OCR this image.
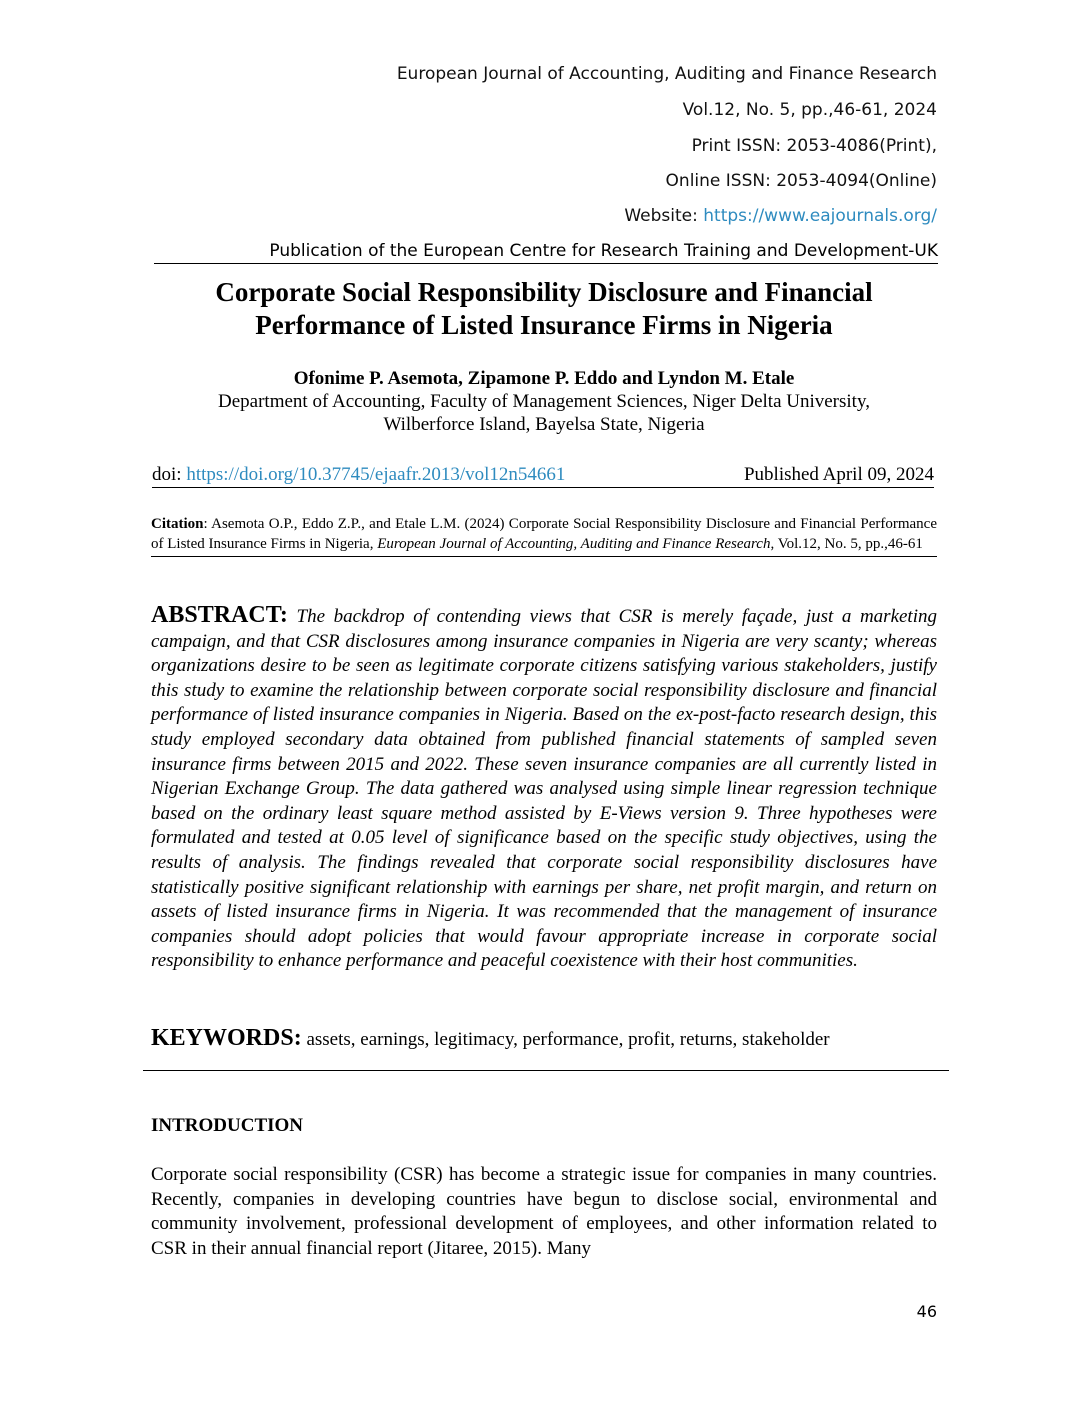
European Journal of Accounting, Auditing and Finance Research
Vol.12, No. 5, pp.,46-61, 2024
Print ISSN: 2053-4086(Print),
Online ISSN: 2053-4094(Online)
Website: https://www.eajournals.org/
Publication of the European Centre for Research Training and Development-UK
Corporate Social Responsibility Disclosure and Financial
Performance of Listed Insurance Firms in Nigeria
Ofonime P. Asemota, Zipamone P. Eddo and Lyndon M. Etale
Department of Accounting, Faculty of Management Sciences, Niger Delta University,
Wilberforce Island, Bayelsa State, Nigeria
doi: https://doi.org/10.37745/ejaafr.2013/vol12n54661	Published April 09, 2024
Citation: Asemota O.P., Eddo Z.P., and Etale L.M. (2024) Corporate Social Responsibility Disclosure and Financial Performance of Listed Insurance Firms in Nigeria, European Journal of Accounting, Auditing and Finance Research, Vol.12, No. 5, pp.,46-61
ABSTRACT: The backdrop of contending views that CSR is merely façade, just a marketing campaign, and that CSR disclosures among insurance companies in Nigeria are very scanty; whereas organizations desire to be seen as legitimate corporate citizens satisfying various stakeholders, justify this study to examine the relationship between corporate social responsibility disclosure and financial performance of listed insurance companies in Nigeria. Based on the ex-post-facto research design, this study employed secondary data obtained from published financial statements of sampled seven insurance firms between 2015 and 2022. These seven insurance companies are all currently listed in Nigerian Exchange Group. The data gathered was analysed using simple linear regression technique based on the ordinary least square method assisted by E-Views version 9. Three hypotheses were formulated and tested at 0.05 level of significance based on the specific study objectives, using the results of analysis. The findings revealed that corporate social responsibility disclosures have statistically positive significant relationship with earnings per share, net profit margin, and return on assets of listed insurance firms in Nigeria. It was recommended that the management of insurance companies should adopt policies that would favour appropriate increase in corporate social responsibility to enhance performance and peaceful coexistence with their host communities.
KEYWORDS: assets, earnings, legitimacy, performance, profit, returns, stakeholder
INTRODUCTION
Corporate social responsibility (CSR) has become a strategic issue for companies in many countries. Recently, companies in developing countries have begun to disclose social, environmental and community involvement, professional development of employees, and other information related to CSR in their annual financial report (Jitaree, 2015). Many
46
